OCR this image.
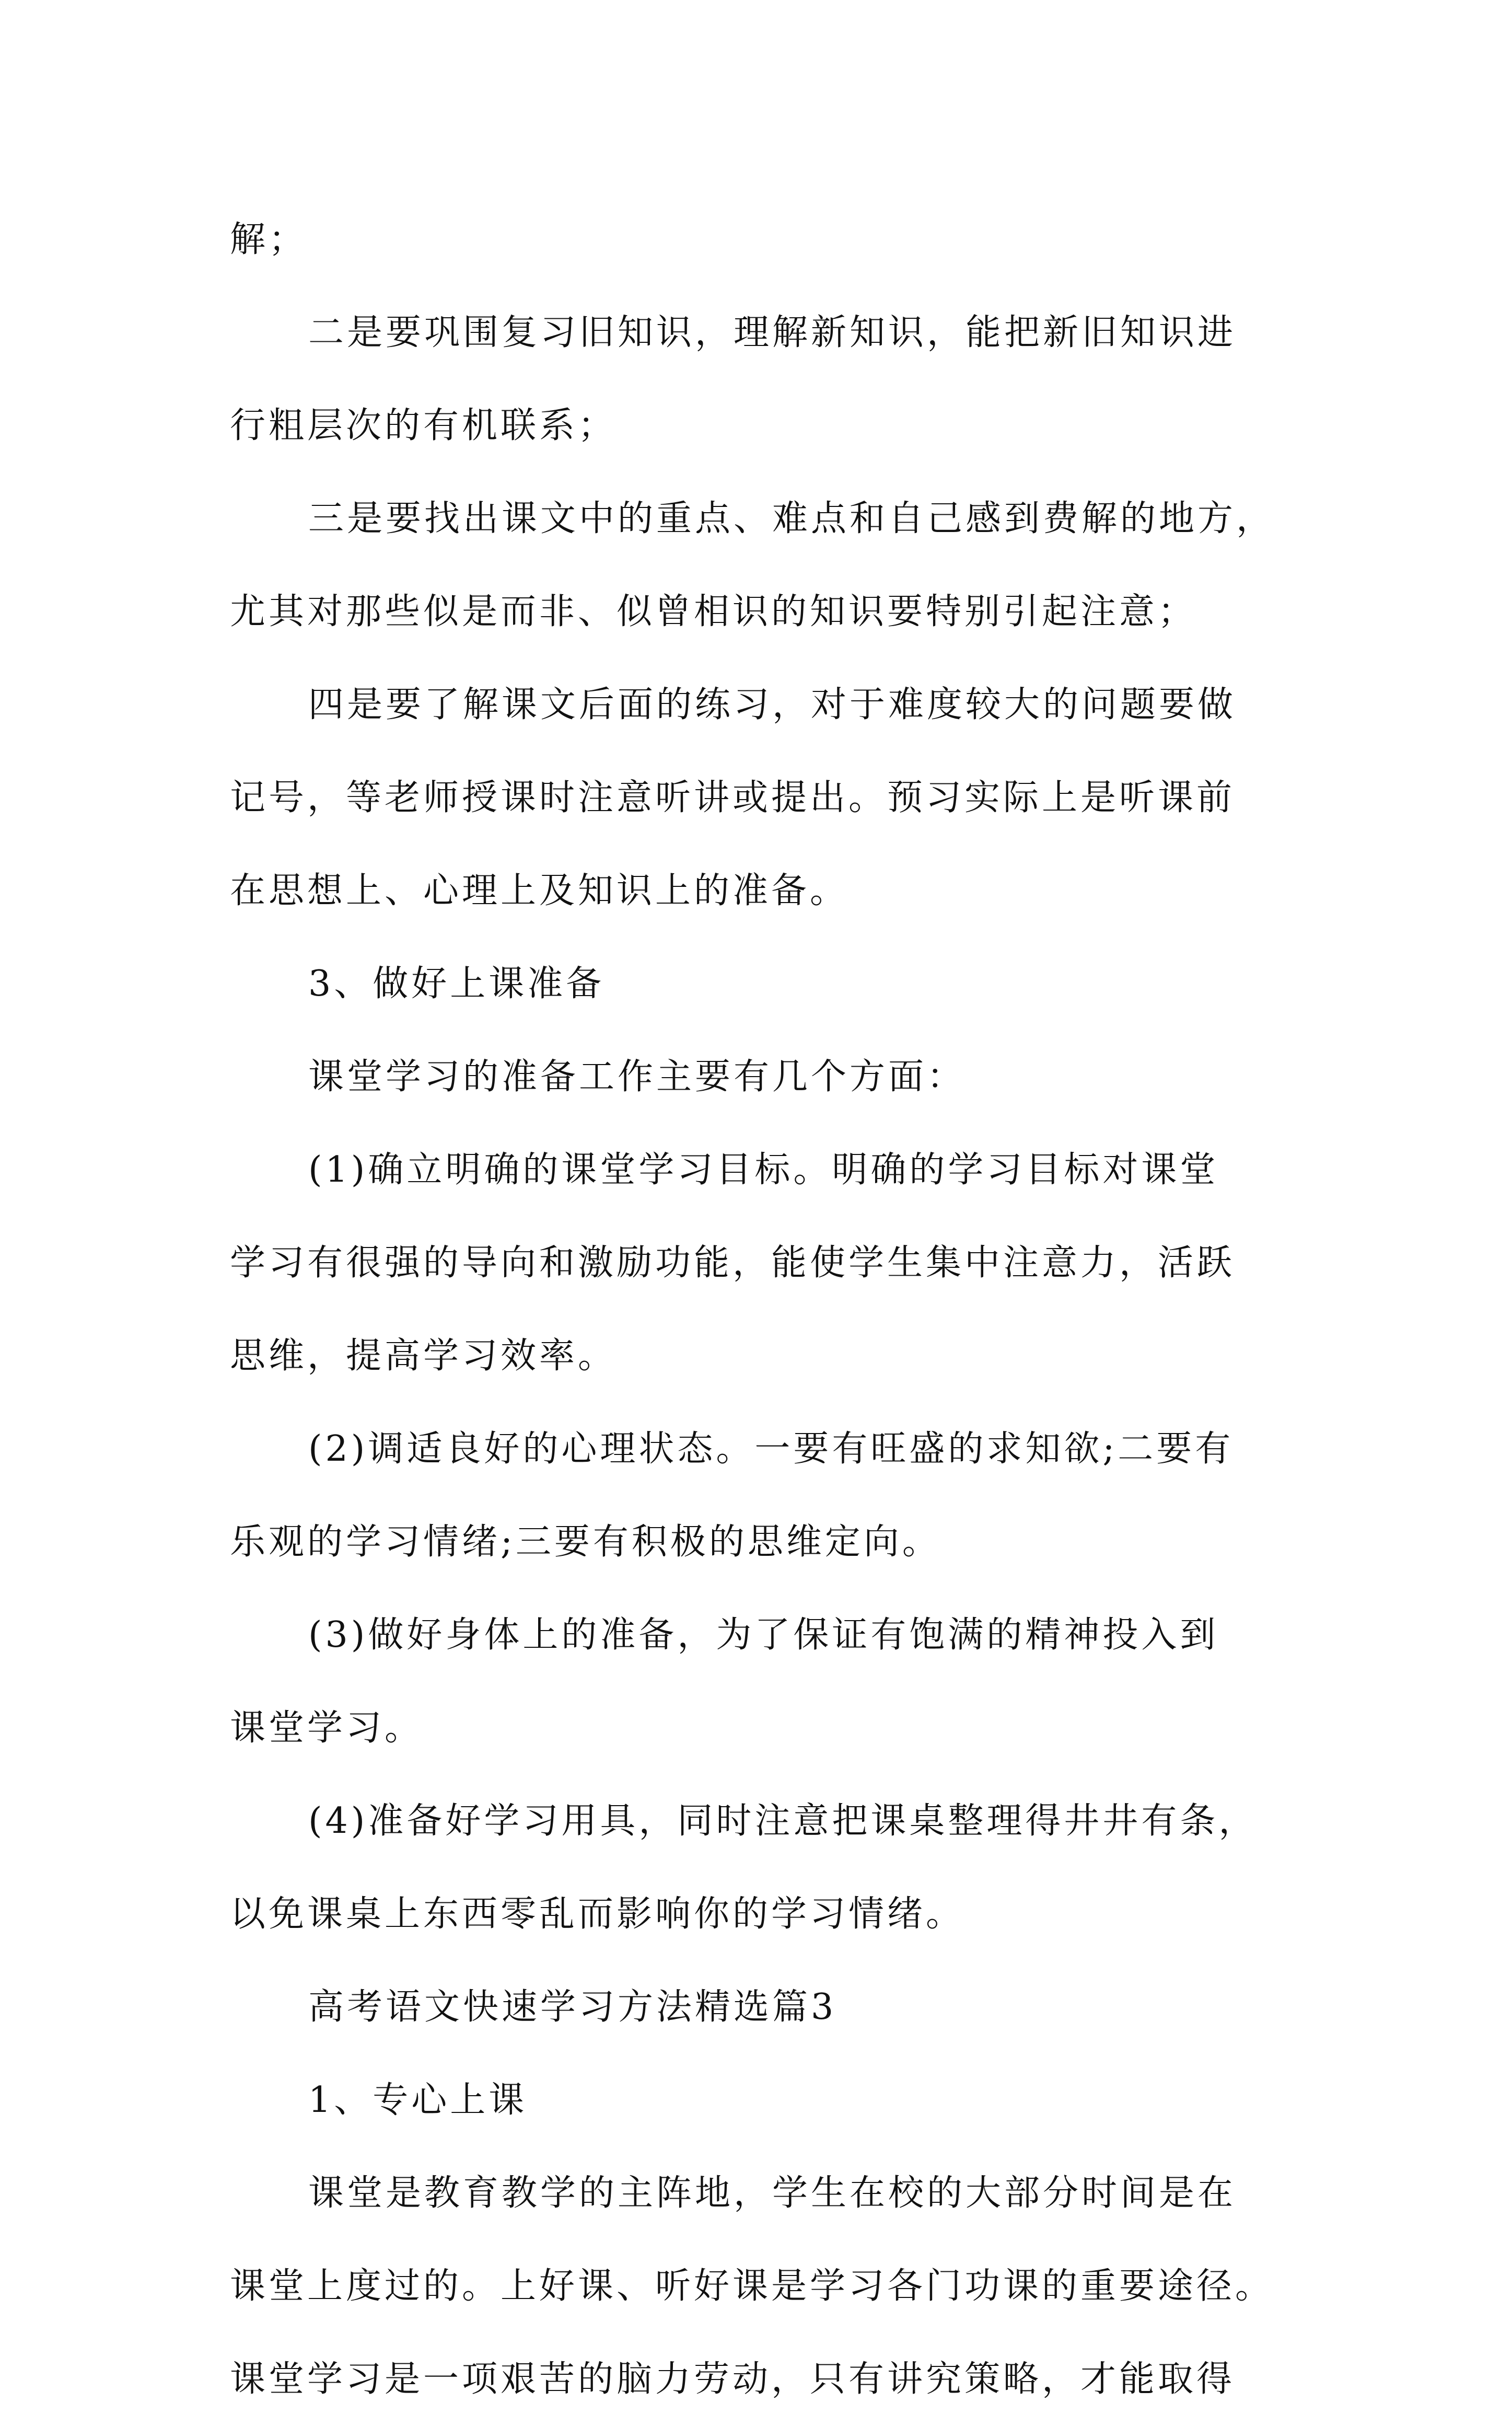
解；
二是要巩围复习旧知识，理解新知识，能把新旧知识进
行粗层次的有机联系；
三是要找出课文中的重点、难点和自己感到费解的地方，
尤其对那些似是而非、似曾相识的知识要特别引起注意；
四是要了解课文后面的练习，对于难度较大的问题要做
记号，等老师授课时注意听讲或提出。预习实际上是听课前
在思想上、心理上及知识上的准备。
3、做好上课准备
课堂学习的准备工作主要有几个方面：
(1)确立明确的课堂学习目标。明确的学习目标对课堂
学习有很强的导向和激励功能，能使学生集中注意力，活跃
思维，提高学习效率。
(2)调适良好的心理状态。一要有旺盛的求知欲;二要有
乐观的学习情绪;三要有积极的思维定向。
(3)做好身体上的准备，为了保证有饱满的精神投入到
课堂学习。
(4)准备好学习用具，同时注意把课桌整理得井井有条，
以免课桌上东西零乱而影响你的学习情绪。
高考语文快速学习方法精选篇3
1、专心上课
课堂是教育教学的主阵地，学生在校的大部分时间是在
课堂上度过的。上好课、听好课是学习各门功课的重要途径。
课堂学习是一项艰苦的脑力劳动，只有讲究策略，才能取得
